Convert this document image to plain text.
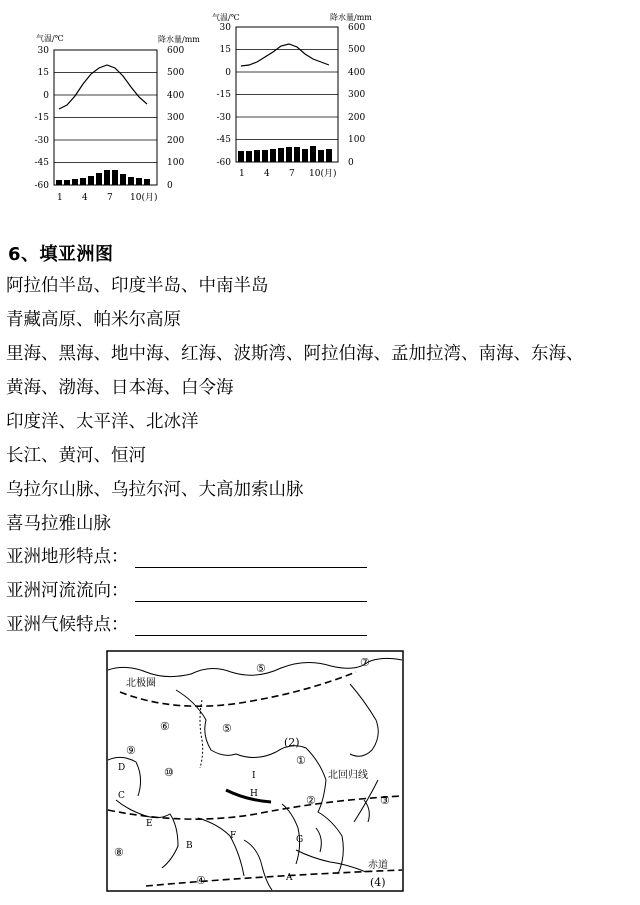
气温/℃	降水量/mm
30
15
0
-15
-30
-45
-60
600
500
400
300
200
100
0
1 4 7 10(月)
气温/℃	降水量/mm
30
15
0
-15
-30
-45
-60
600
500
400
300
200
100
0
1 4 7 10(月)
6、填亚洲图
阿拉伯半岛、印度半岛、中南半岛
青藏高原、帕米尔高原
里海、黑海、地中海、红海、波斯湾、阿拉伯海、孟加拉湾、南海、东海、
黄海、渤海、日本海、白令海
印度洋、太平洋、北冰洋
长江、黄河、恒河
乌拉尔山脉、乌拉尔河、大高加索山脉
喜马拉雅山脉
亚洲地形特点：
亚洲河流流向：
亚洲气候特点：
北极圈
北回归线
赤道
⑤	⑦
⑥	⑤
(2)
①
②	③
④	(4)
⑨
⑩
⑧
A
B
C
D
E
F	G
H
I
